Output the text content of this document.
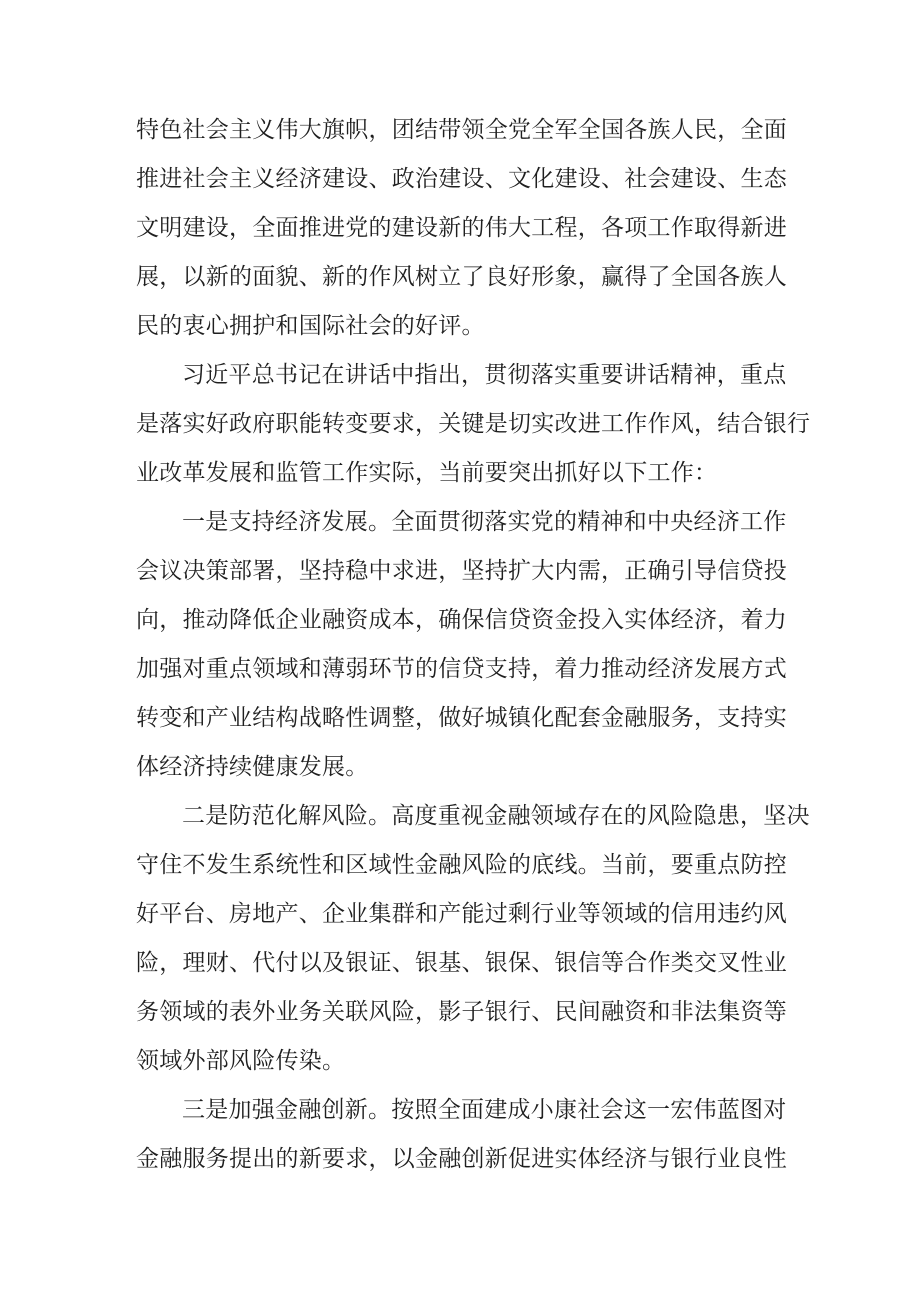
特色社会主义伟大旗帜，团结带领全党全军全国各族人民，全面
推进社会主义经济建设、政治建设、文化建设、社会建设、生态
文明建设，全面推进党的建设新的伟大工程，各项工作取得新进
展，以新的面貌、新的作风树立了良好形象，赢得了全国各族人
民的衷心拥护和国际社会的好评。
习近平总书记在讲话中指出，贯彻落实重要讲话精神，重点
是落实好政府职能转变要求，关键是切实改进工作作风，结合银行
业改革发展和监管工作实际，当前要突出抓好以下工作：
一是支持经济发展。全面贯彻落实党的精神和中央经济工作
会议决策部署，坚持稳中求进，坚持扩大内需，正确引导信贷投
向，推动降低企业融资成本，确保信贷资金投入实体经济，着力
加强对重点领域和薄弱环节的信贷支持，着力推动经济发展方式
转变和产业结构战略性调整，做好城镇化配套金融服务，支持实
体经济持续健康发展。
二是防范化解风险。高度重视金融领域存在的风险隐患，坚决
守住不发生系统性和区域性金融风险的底线。当前，要重点防控
好平台、房地产、企业集群和产能过剩行业等领域的信用违约风
险，理财、代付以及银证、银基、银保、银信等合作类交叉性业
务领域的表外业务关联风险，影子银行、民间融资和非法集资等
领域外部风险传染。
三是加强金融创新。按照全面建成小康社会这一宏伟蓝图对
金融服务提出的新要求，以金融创新促进实体经济与银行业良性
